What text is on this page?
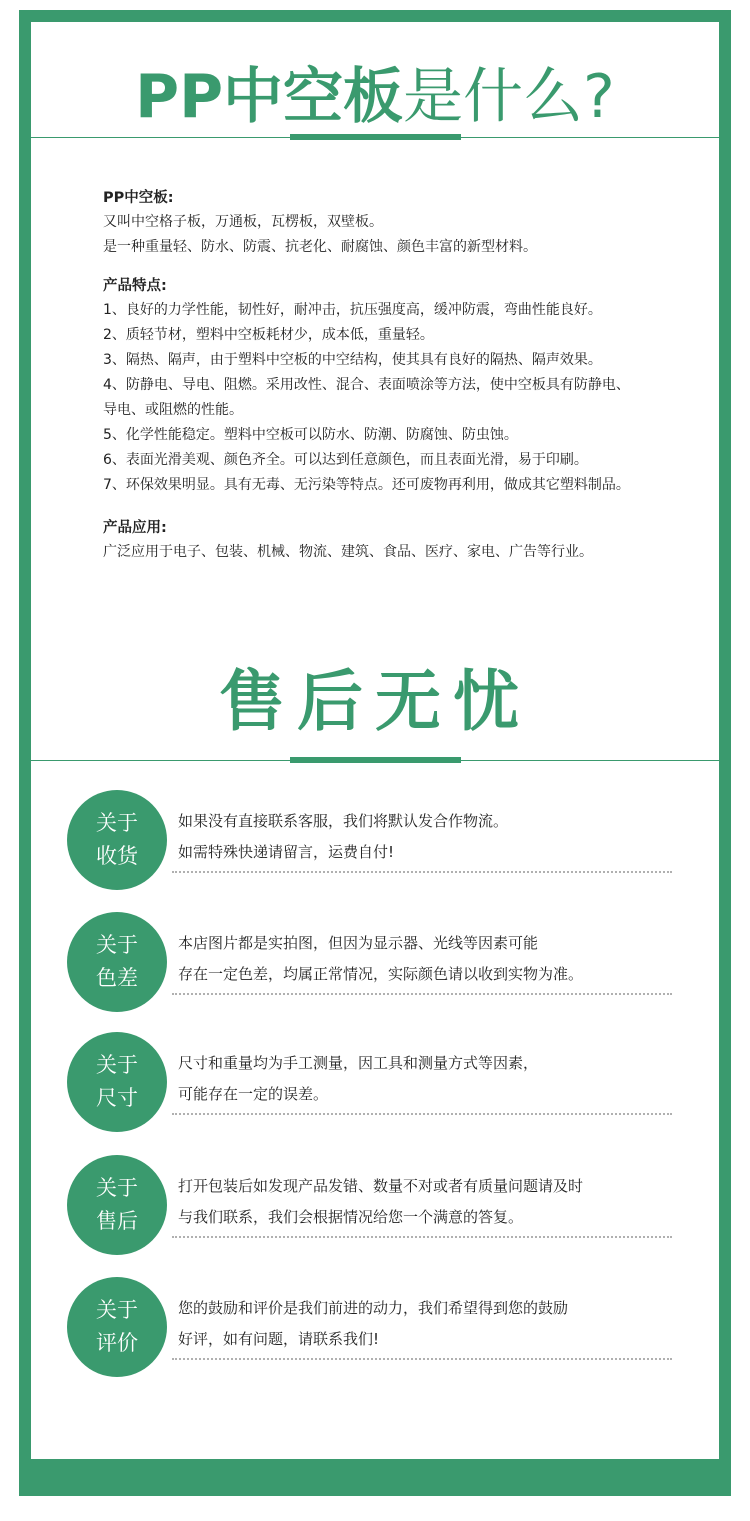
PP中空板是什么?

PP中空板:

又叫中空格子板，万通板，瓦楞板，双壁板。

是一种重量轻、防水、防震、抗老化、耐腐蚀、颜色丰富的新型材料。

产品特点:

1、良好的力学性能，韧性好，耐冲击，抗压强度高，缓冲防震，弯曲性能良好。

2、质轻节材，塑料中空板耗材少，成本低，重量轻。

3、隔热、隔声，由于塑料中空板的中空结构，使其具有良好的隔热、隔声效果。

4、防静电、导电、阻燃。采用改性、混合、表面喷涂等方法，使中空板具有防静电、

导电、或阻燃的性能。

5、化学性能稳定。塑料中空板可以防水、防潮、防腐蚀、防虫蚀。

6、表面光滑美观、颜色齐全。可以达到任意颜色，而且表面光滑，易于印刷。

7、环保效果明显。具有无毒、无污染等特点。还可废物再利用，做成其它塑料制品。

产品应用:

广泛应用于电子、包装、机械、物流、建筑、食品、医疗、家电、广告等行业。

售后无忧
关于
收货
如果没有直接联系客服，我们将默认发合作物流。
如需特殊快递请留言，运费自付!
关于
色差
本店图片都是实拍图，但因为显示器、光线等因素可能
存在一定色差，均属正常情况，实际颜色请以收到实物为准。
关于
尺寸
尺寸和重量均为手工测量，因工具和测量方式等因素，
可能存在一定的误差。
关于
售后
打开包装后如发现产品发错、数量不对或者有质量问题请及时
与我们联系，我们会根据情况给您一个满意的答复。
关于
评价
您的鼓励和评价是我们前进的动力，我们希望得到您的鼓励
好评，如有问题，请联系我们!
